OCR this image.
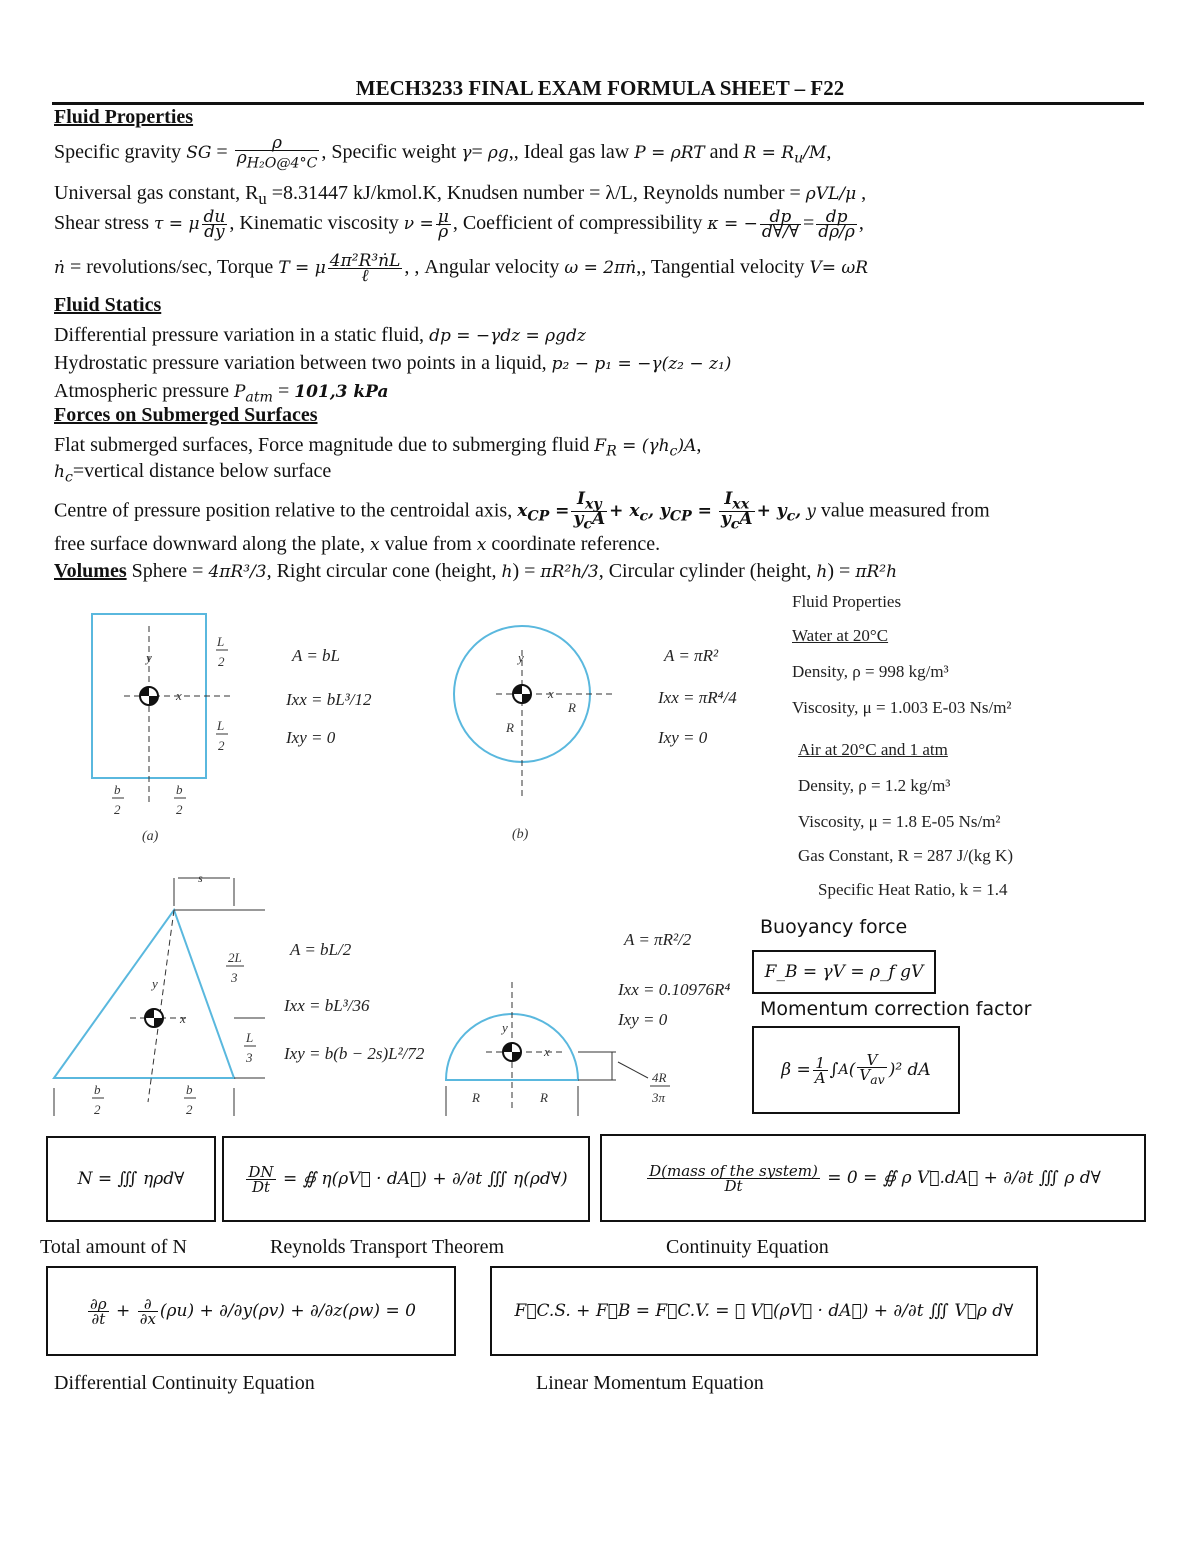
MECH3233 FINAL EXAM FORMULA SHEET – F22
Fluid Properties
Specific gravity SG = $\frac{\rho}{\rho_{H_2O@4^\circ C}}$ , Specific weight γ= ρg,, Ideal gas law P = ρRT and $R = R_u/M$,
Universal gas constant, $R_u =8.31447$ kJ/kmol.K, Knudsen number = λ/L, Reynolds number = ρVL/μ ,
Shear stress τ = μ $\frac{du}{dy}$ , Kinematic viscosity $\nu = \frac{\mu}{\rho}$ , Coefficient of compressibility κ = − $\frac{dp}{d\forall/\forall} = \frac{dp}{d\rho/\rho}$ ,
ṅ = revolutions/sec, Torque T = μ $\frac{\text{4π²R³ṅL}}{\text{ℓ}}$ , , Angular velocity ω = 2πṅ,, Tangential velocity V= ωR
Fluid Statics
Differential pressure variation in a static fluid, dp = −γdz = ρgdz
Hydrostatic pressure variation between two points in a liquid, p₂ − p₁ = −γ(z₂ − z₁)
Atmospheric pressure $P_{atm} = 101,3$ kPa
Forces on Submerged Surfaces
Flat submerged surfaces, Force magnitude due to submerging fluid $F_R = (\gamma h_c)A$,
$h_c=vertical$ distance below surface
Centre of pressure position relative to the centroidal axis, $x_{CP} = \frac{I_{xy}}{y_cA} + x_c$, $y_{CP} = \frac{I_{xx}}{y_cA} + y_c$, y value measured from
free surface downward along the plate, x value from x coordinate reference.
Volumes Sphere = 4πR³/3, Right circular cone (height, h) = πR²h/3, Circular cylinder (height, h) = πR²h
y
x
L
2
L
2
b
2
b
2
(a)
A = bL
Ixx = bL³/12
Ixy = 0
y
x
R
R
(b)
A = πR²
Ixx = πR⁴/4
Ixy = 0
Fluid Properties
Water at 20°C
Density, ρ = 998 kg/m³
Viscosity, μ = 1.003 E-03 Ns/m²
Air at 20°C and 1 atm
Density, ρ = 1.2 kg/m³
Viscosity, μ = 1.8 E-05 Ns/m²
Gas Constant, R = 287 J/(kg K)
Specific Heat Ratio, k = 1.4
s
2L
3
L
3
y
x
b
2
b
2
A = bL/2
Ixx = bL³/36
Ixy = b(b − 2s)L²/72
y
x
4R
3π
R	R
A = πR²/2
Ixx = 0.10976R⁴
Ixy = 0
Buoyancy force
F_B = γV = ρ_f gV
Momentum correction factor
$\beta = \frac{1}{A}$ ∫ A ( $\frac{V}{V_{av}} )^2$ dA
N = ∭ ηρd∀	$\frac{DN}{Dt}$ = ∯ η(ρV⃗ · dA⃗) + ∂/∂t ∭ η(ρd∀)	$\frac{\text{D(mass of the system)}}{Dt}$
= 0 = ∯ ρ V⃗.dA⃗ + ∂/∂t ∭ ρ d∀
Total amount of N	Reynolds Transport Theorem	Continuity Equation
$\frac{\partial\rho}{\partial t} + \frac{\partial}{\partial x} (\rho u) + \partial/\partial y(\rho v) + \partial/\partial z(\rho w) = 0$	F⃗C.S. + F⃗B = F⃗C.V. = ∯ V⃗(ρV⃗ · dA⃗) + ∂/∂t ∭ V⃗ρ d∀
Differential Continuity Equation	Linear Momentum Equation
